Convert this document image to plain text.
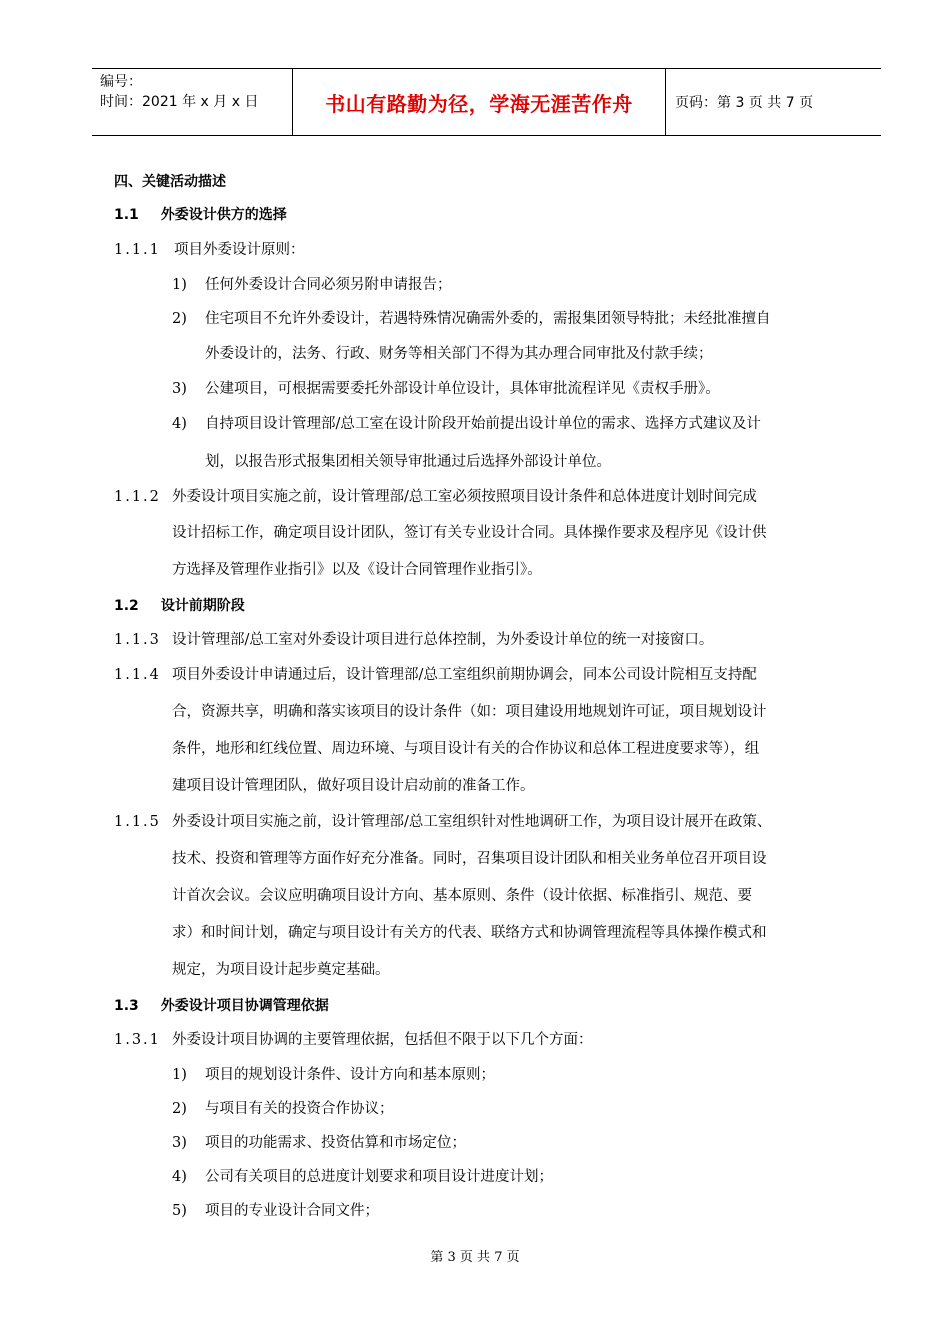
编号：
时间：2021 年 x 月 x 日	书山有路勤为径，学海无涯苦作舟	页码：第 3 页 共 7 页
四、关键活动描述
1.1 外委设计供方的选择
1.1.1 项目外委设计原则：
1) 任何外委设计合同必须另附申请报告；
2) 住宅项目不允许外委设计，若遇特殊情况确需外委的，需报集团领导特批；未经批准擅自
外委设计的，法务、行政、财务等相关部门不得为其办理合同审批及付款手续；
3) 公建项目，可根据需要委托外部设计单位设计，具体审批流程详见《责权手册》。
4) 自持项目设计管理部/总工室在设计阶段开始前提出设计单位的需求、选择方式建议及计
划，以报告形式报集团相关领导审批通过后选择外部设计单位。
1.1.2 外委设计项目实施之前，设计管理部/总工室必须按照项目设计条件和总体进度计划时间完成
设计招标工作，确定项目设计团队，签订有关专业设计合同。具体操作要求及程序见《设计供
方选择及管理作业指引》以及《设计合同管理作业指引》。
1.2 设计前期阶段
1.1.3 设计管理部/总工室对外委设计项目进行总体控制，为外委设计单位的统一对接窗口。
1.1.4 项目外委设计申请通过后，设计管理部/总工室组织前期协调会，同本公司设计院相互支持配
合，资源共享，明确和落实该项目的设计条件（如：项目建设用地规划许可证，项目规划设计
条件，地形和红线位置、周边环境、与项目设计有关的合作协议和总体工程进度要求等），组
建项目设计管理团队，做好项目设计启动前的准备工作。
1.1.5 外委设计项目实施之前，设计管理部/总工室组织针对性地调研工作，为项目设计展开在政策、
技术、投资和管理等方面作好充分准备。同时，召集项目设计团队和相关业务单位召开项目设
计首次会议。会议应明确项目设计方向、基本原则、条件（设计依据、标准指引、规范、要
求）和时间计划，确定与项目设计有关方的代表、联络方式和协调管理流程等具体操作模式和
规定，为项目设计起步奠定基础。
1.3 外委设计项目协调管理依据
1.3.1 外委设计项目协调的主要管理依据，包括但不限于以下几个方面：
1) 项目的规划设计条件、设计方向和基本原则；
2) 与项目有关的投资合作协议；
3) 项目的功能需求、投资估算和市场定位；
4) 公司有关项目的总进度计划要求和项目设计进度计划；
5) 项目的专业设计合同文件；
第 3 页 共 7 页
